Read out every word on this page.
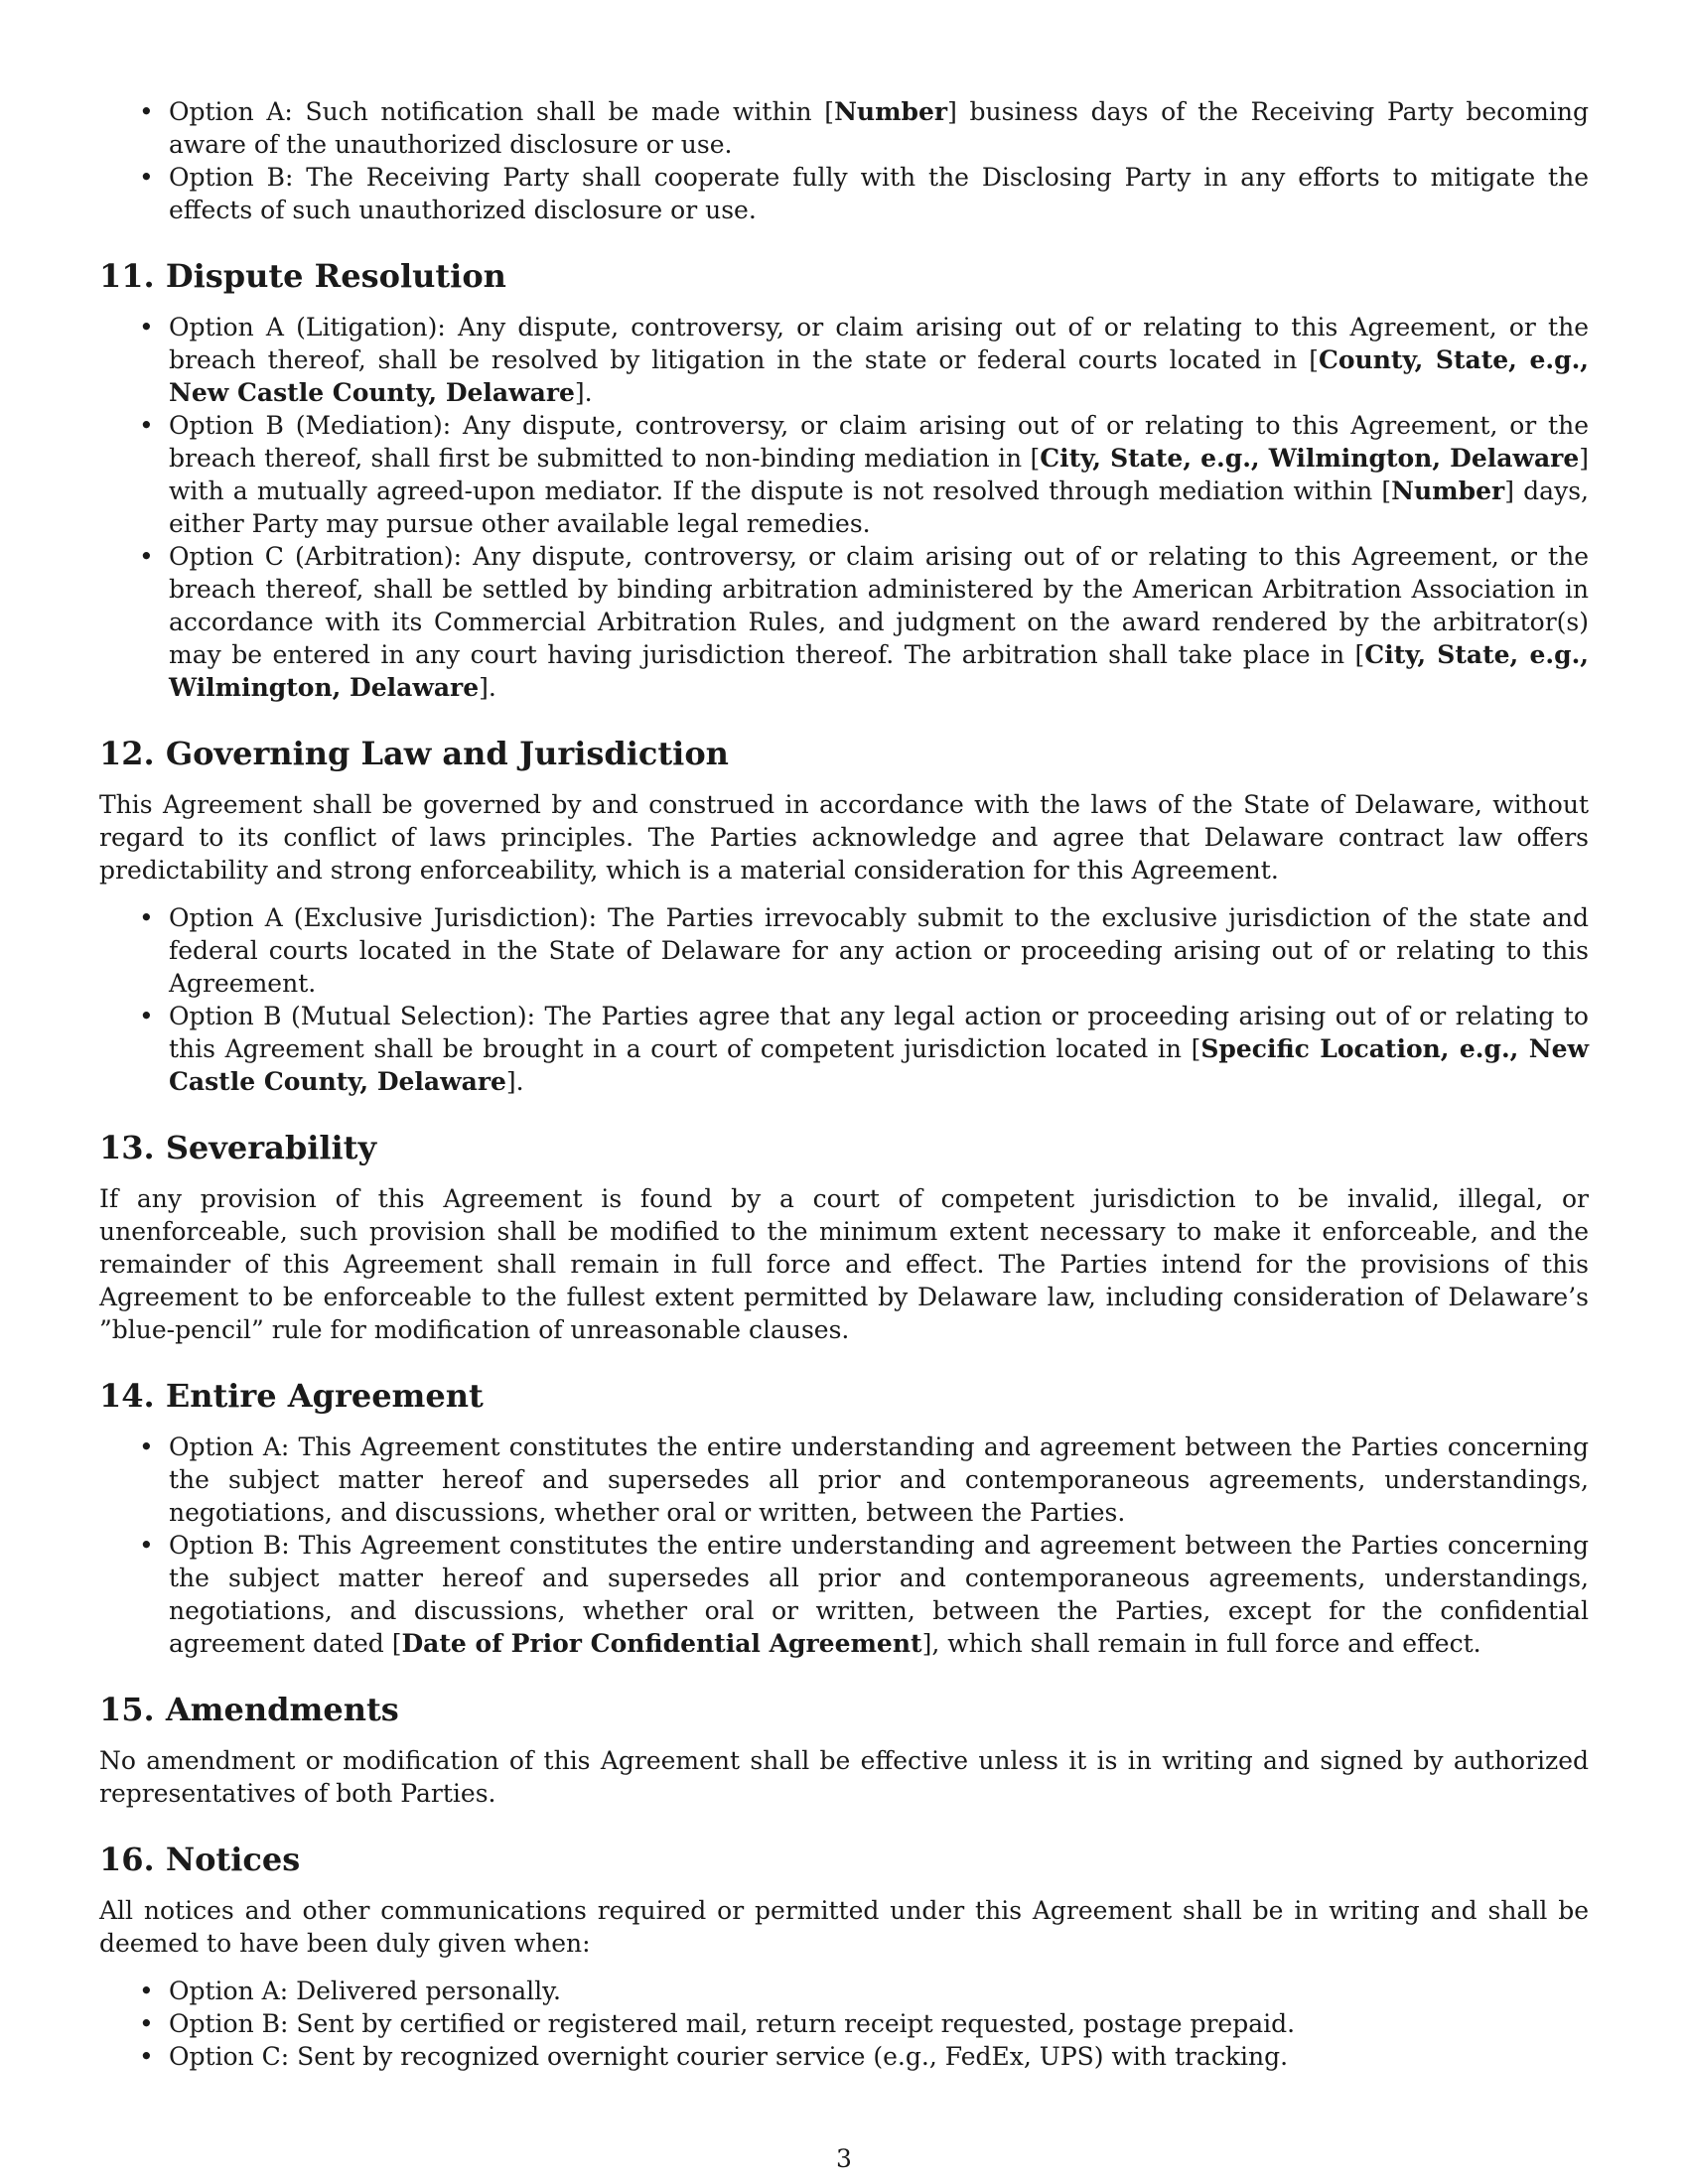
• Option A: Such notification shall be made within [Number] business days of the Receiving Party becoming aware of the unauthorized disclosure or use.
• Option B: The Receiving Party shall cooperate fully with the Disclosing Party in any efforts to mitigate the effects of such unauthorized disclosure or use.
11. Dispute Resolution
• Option A (Litigation): Any dispute, controversy, or claim arising out of or relating to this Agreement, or the breach thereof, shall be resolved by litigation in the state or federal courts located in [County, State, e.g., New Castle County, Delaware].
• Option B (Mediation): Any dispute, controversy, or claim arising out of or relating to this Agreement, or the breach thereof, shall first be submitted to non-binding mediation in [City, State, e.g., Wilmington, Delaware] with a mutually agreed-upon mediator. If the dispute is not resolved through mediation within [Number] days, either Party may pursue other available legal remedies.
• Option C (Arbitration): Any dispute, controversy, or claim arising out of or relating to this Agreement, or the breach thereof, shall be settled by binding arbitration administered by the American Arbitration Association in accordance with its Commercial Arbitration Rules, and judgment on the award rendered by the arbitrator(s) may be entered in any court having jurisdiction thereof. The arbitration shall take place in [City, State, e.g., Wilmington, Delaware].
12. Governing Law and Jurisdiction

This Agreement shall be governed by and construed in accordance with the laws of the State of Delaware, without regard to its conflict of laws principles. The Parties acknowledge and agree that Delaware contract law offers predictability and strong enforceability, which is a material consideration for this Agreement.

• Option A (Exclusive Jurisdiction): The Parties irrevocably submit to the exclusive jurisdiction of the state and federal courts located in the State of Delaware for any action or proceeding arising out of or relating to this Agreement.
• Option B (Mutual Selection): The Parties agree that any legal action or proceeding arising out of or relating to this Agreement shall be brought in a court of competent jurisdiction located in [Specific Location, e.g., New Castle County, Delaware].
13. Severability

If any provision of this Agreement is found by a court of competent jurisdiction to be invalid, illegal, or unenforceable, such provision shall be modified to the minimum extent necessary to make it enforceable, and the remainder of this Agreement shall remain in full force and effect. The Parties intend for the provisions of this Agreement to be enforceable to the fullest extent permitted by Delaware law, including consideration of Delaware’s ”blue-pencil” rule for modification of unreasonable clauses.

14. Entire Agreement
• Option A: This Agreement constitutes the entire understanding and agreement between the Parties concerning the subject matter hereof and supersedes all prior and contemporaneous agreements, understandings, negotiations, and discussions, whether oral or written, between the Parties.
• Option B: This Agreement constitutes the entire understanding and agreement between the Parties concerning the subject matter hereof and supersedes all prior and contemporaneous agreements, understandings, negotiations, and discussions, whether oral or written, between the Parties, except for the confidential agreement dated [Date of Prior Confidential Agreement], which shall remain in full force and effect.
15. Amendments

No amendment or modification of this Agreement shall be effective unless it is in writing and signed by authorized representatives of both Parties.

16. Notices

All notices and other communications required or permitted under this Agreement shall be in writing and shall be deemed to have been duly given when:

• Option A: Delivered personally.
• Option B: Sent by certified or registered mail, return receipt requested, postage prepaid.
• Option C: Sent by recognized overnight courier service (e.g., FedEx, UPS) with tracking.
3
